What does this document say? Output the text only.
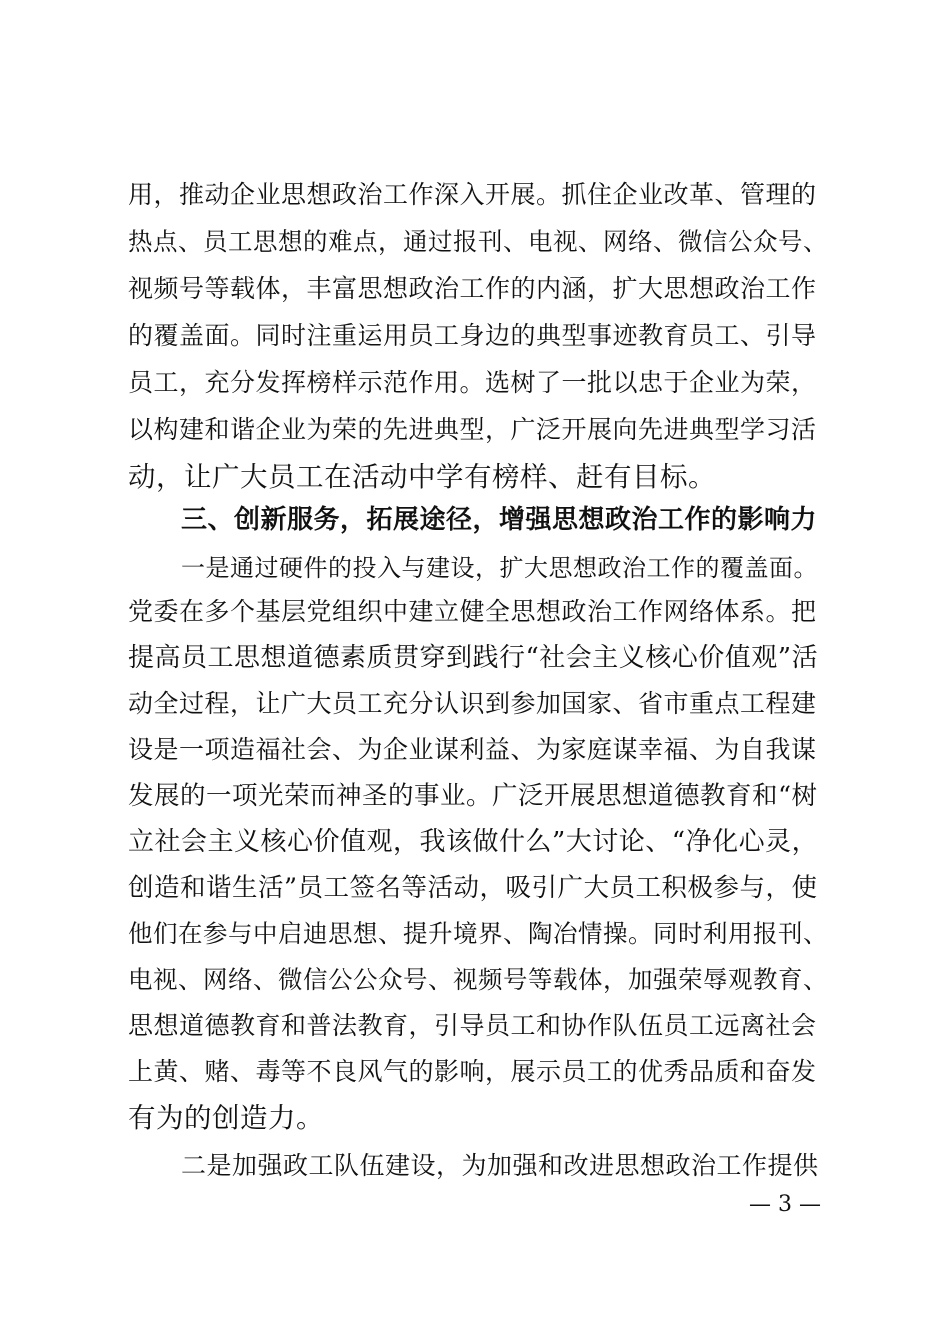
用，推动企业思想政治工作深入开展。抓住企业改革、管理的
热点、员工思想的难点，通过报刊、电视、网络、微信公众号、
视频号等载体，丰富思想政治工作的内涵，扩大思想政治工作
的覆盖面。同时注重运用员工身边的典型事迹教育员工、引导
员工，充分发挥榜样示范作用。选树了一批以忠于企业为荣，
以构建和谐企业为荣的先进典型，广泛开展向先进典型学习活
动，让广大员工在活动中学有榜样、赶有目标。
三、创新服务，拓展途径，增强思想政治工作的影响力
一是通过硬件的投入与建设，扩大思想政治工作的覆盖面。
党委在多个基层党组织中建立健全思想政治工作网络体系。把
提高员工思想道德素质贯穿到践行“社会主义核心价值观”活
动全过程，让广大员工充分认识到参加国家、省市重点工程建
设是一项造福社会、为企业谋利益、为家庭谋幸福、为自我谋
发展的一项光荣而神圣的事业。广泛开展思想道德教育和“树
立社会主义核心价值观，我该做什么”大讨论、“净化心灵，
创造和谐生活”员工签名等活动，吸引广大员工积极参与，使
他们在参与中启迪思想、提升境界、陶冶情操。同时利用报刊、
电视、网络、微信公公众号、视频号等载体，加强荣辱观教育、
思想道德教育和普法教育，引导员工和协作队伍员工远离社会
上黄、赌、毒等不良风气的影响，展示员工的优秀品质和奋发
有为的创造力。
二是加强政工队伍建设，为加强和改进思想政治工作提供
— 3 —
